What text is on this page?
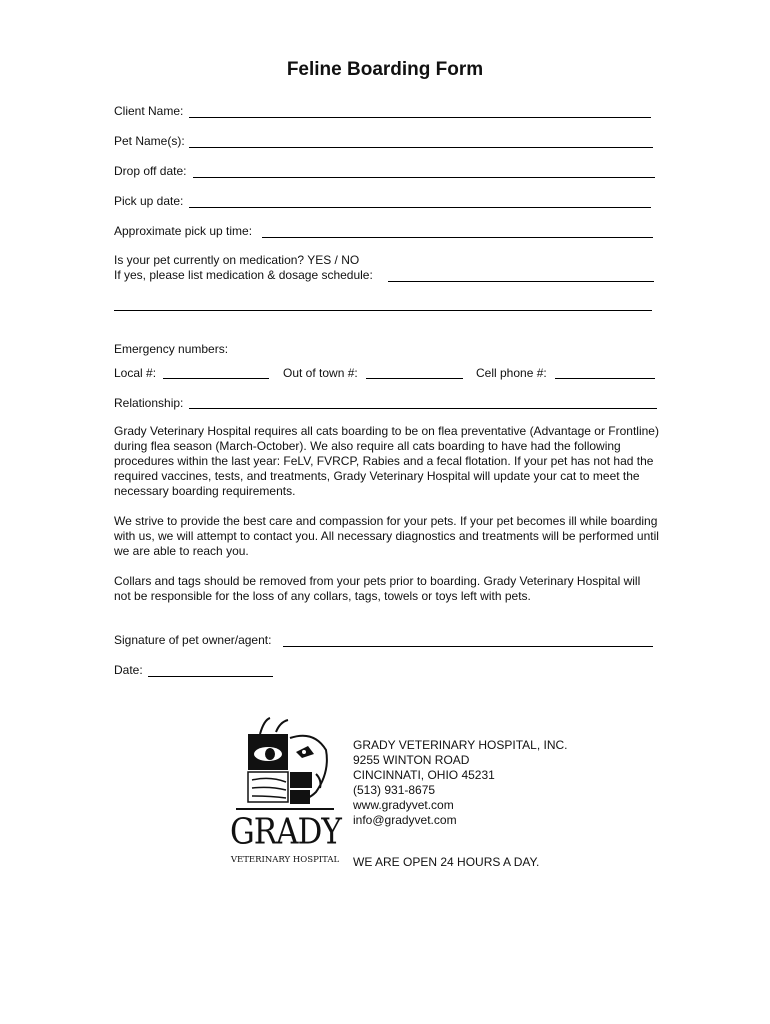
Feline Boarding Form
Client Name:
Pet Name(s):
Drop off date:
Pick up date:
Approximate pick up time:
Is your pet currently on medication? YES / NO
If yes, please list medication & dosage schedule:
Emergency numbers:
Local #:	Out of town #:	Cell phone #:
Relationship:

Grady Veterinary Hospital requires all cats boarding to be on flea preventative (Advantage or Frontline) during flea season (March-October). We also require all cats boarding to have had the following procedures within the last year: FeLV, FVRCP, Rabies and a fecal flotation. If your pet has not had the required vaccines, tests, and treatments, Grady Veterinary Hospital will update your cat to meet the necessary boarding requirements.

We strive to provide the best care and compassion for your pets. If your pet becomes ill while boarding with us, we will attempt to contact you. All necessary diagnostics and treatments will be performed until we are able to reach you.

Collars and tags should be removed from your pets prior to boarding. Grady Veterinary Hospital will not be responsible for the loss of any collars, tags, towels or toys left with pets.

Signature of pet owner/agent:
Date:
GRADY
VETERINARY HOSPITAL
GRADY VETERINARY HOSPITAL, INC.
9255 WINTON ROAD
CINCINNATI, OHIO 45231
(513) 931-8675
www.gradyvet.com
info@gradyvet.com
WE ARE OPEN 24 HOURS A DAY.
